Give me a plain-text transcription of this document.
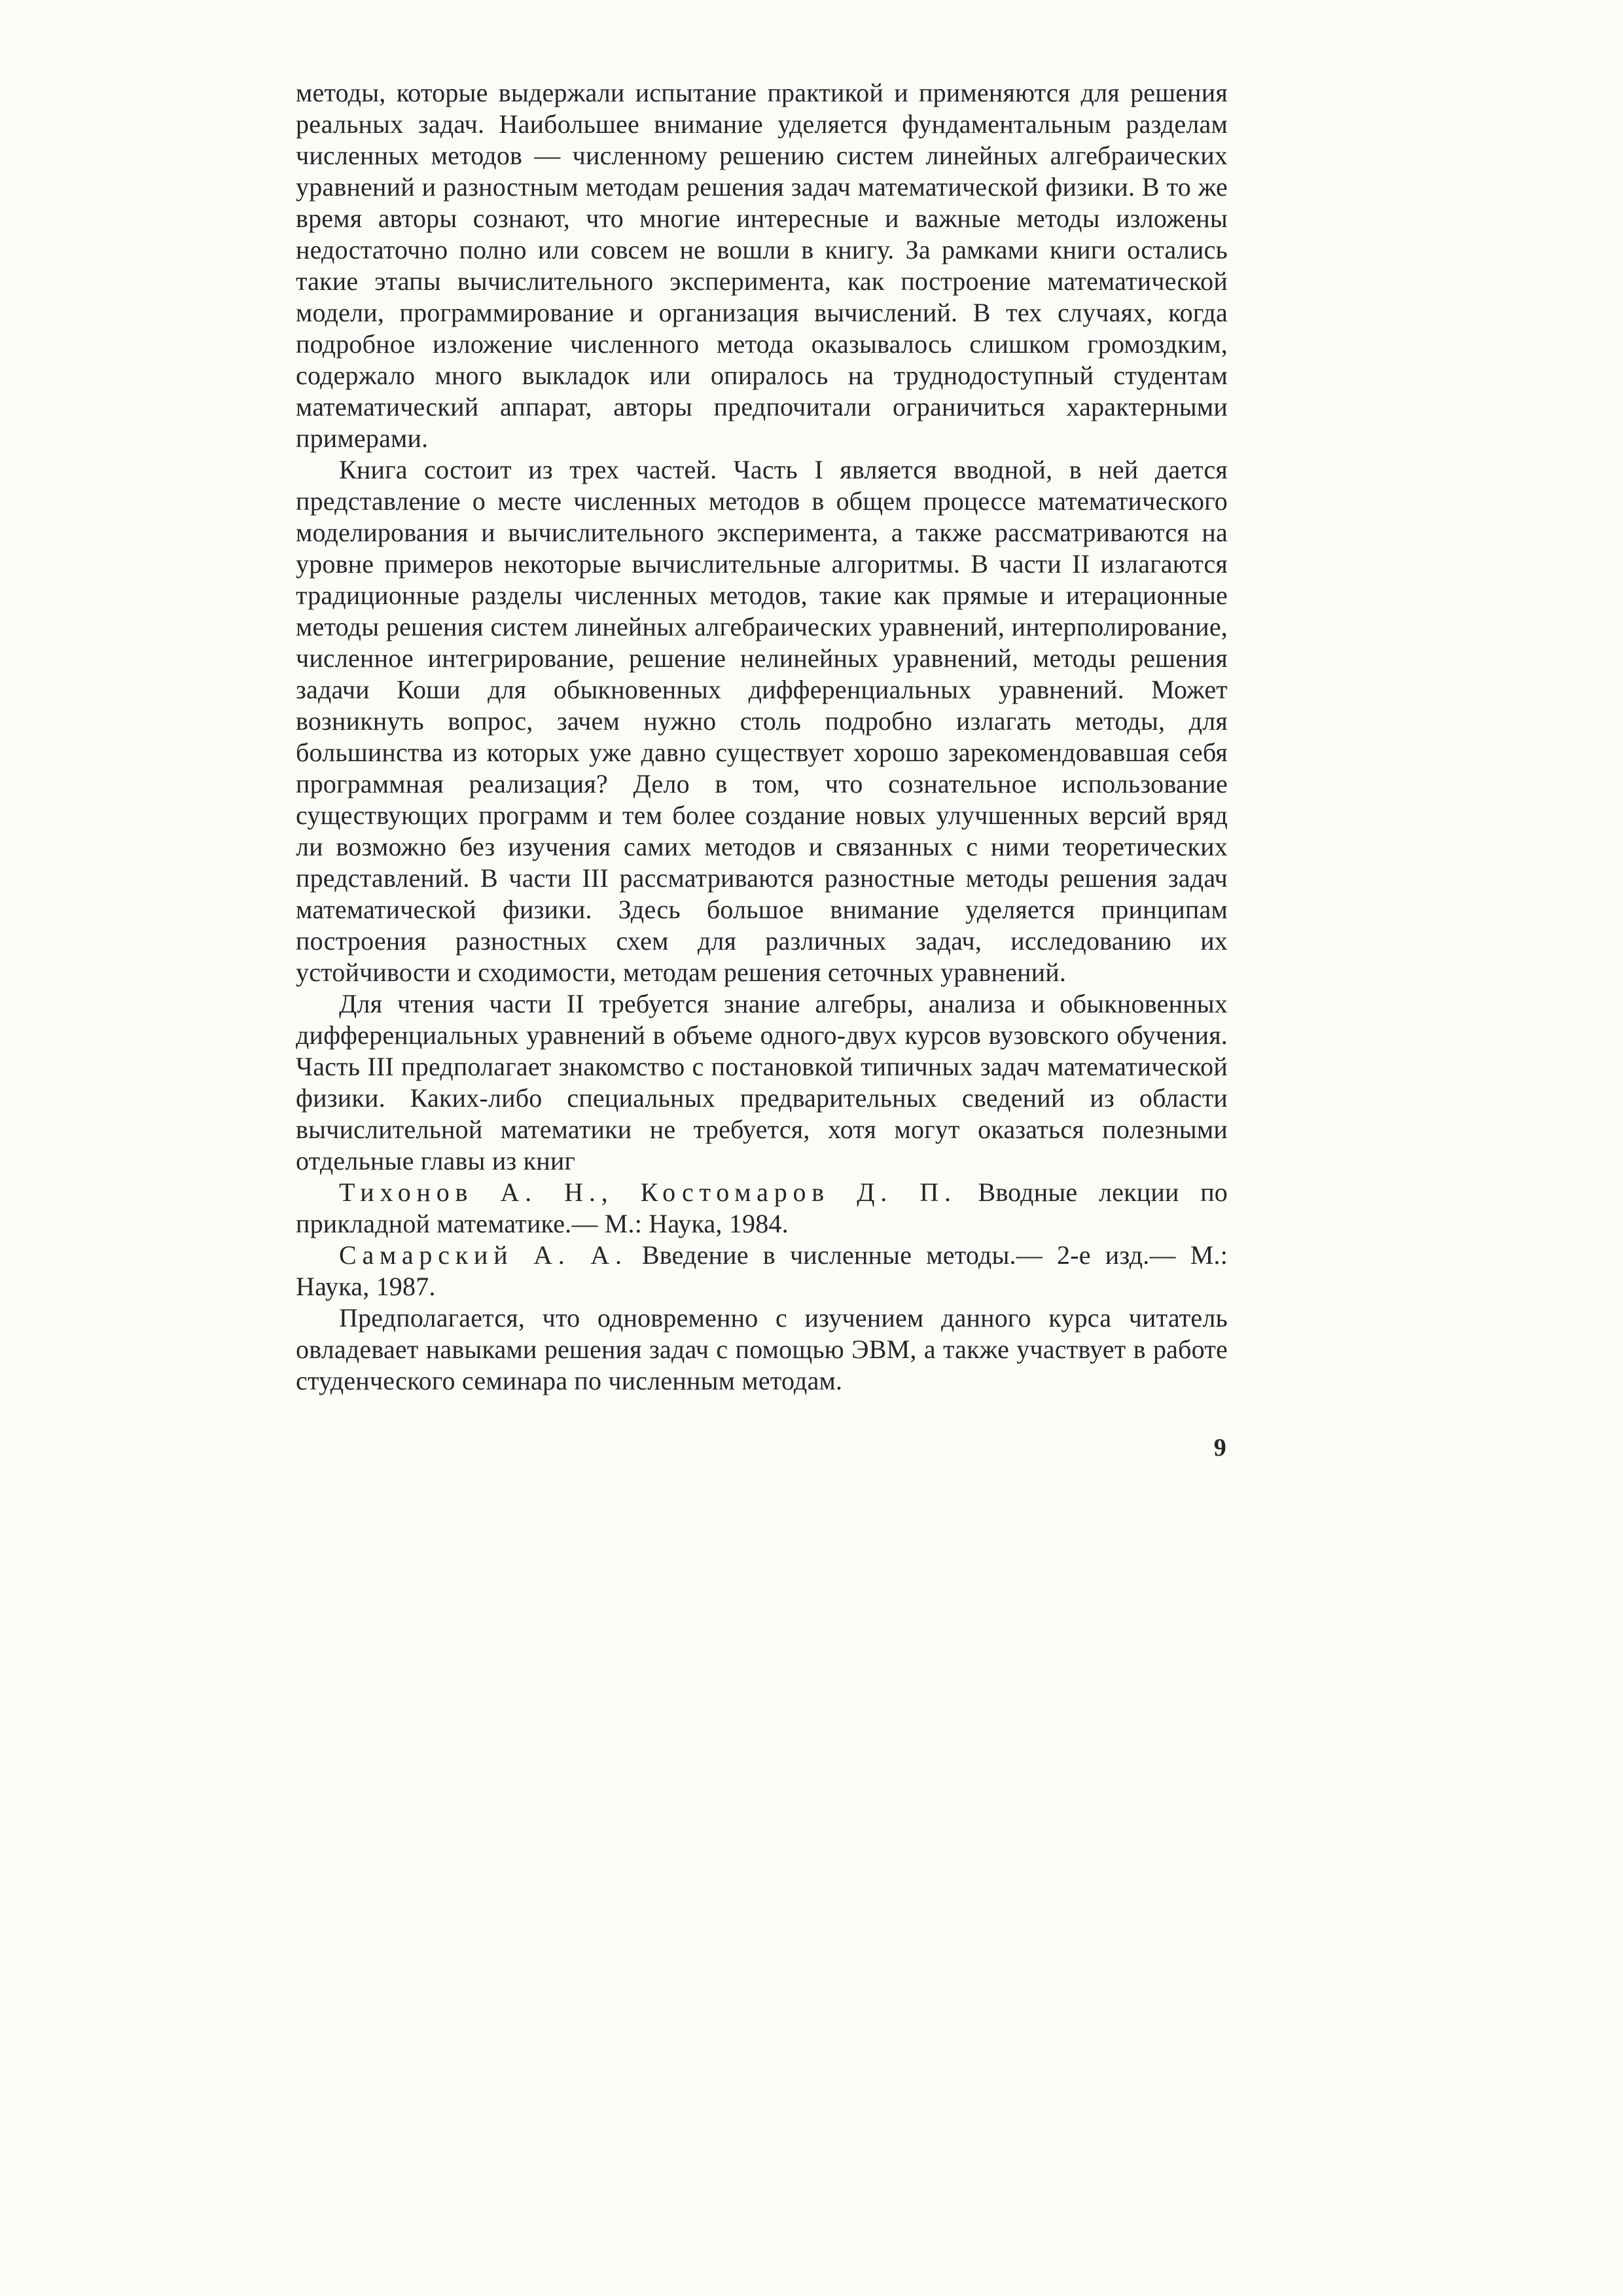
методы, которые выдержали испытание практикой и применяются для решения реальных задач. Наибольшее внимание уделяется фундаментальным разделам численных методов — численному решению систем линейных алгебраических уравнений и разностным методам решения задач математической физики. В то же время авторы сознают, что многие интересные и важные методы изложены недостаточно полно или совсем не вошли в книгу. За рамками книги остались такие этапы вычислительного эксперимента, как построение математической модели, программирование и организация вычислений. В тех случаях, когда подробное изложение численного метода оказывалось слишком громоздким, содержало много выкладок или опиралось на труднодоступный студентам математический аппарат, авторы предпочитали ограничиться характерными примерами.

Книга состоит из трех частей. Часть I является вводной, в ней дается представление о месте численных методов в общем процессе математического моделирования и вычислительного эксперимента, а также рассматриваются на уровне примеров некоторые вычислительные алгоритмы. В части II излагаются традиционные разделы численных методов, такие как прямые и итерационные методы решения систем линейных алгебраических уравнений, интерполирование, численное интегрирование, решение нелинейных уравнений, методы решения задачи Коши для обыкновенных дифференциальных уравнений. Может возникнуть вопрос, зачем нужно столь подробно излагать методы, для большинства из которых уже давно существует хорошо зарекомендовавшая себя программная реализация? Дело в том, что сознательное использование существующих программ и тем более создание новых улучшенных версий вряд ли возможно без изучения самих методов и связанных с ними теоретических представлений. В части III рассматриваются разностные методы решения задач математической физики. Здесь большое внимание уделяется принципам построения разностных схем для различных задач, исследованию их устойчивости и сходимости, методам решения сеточных уравнений.

Для чтения части II требуется знание алгебры, анализа и обыкновенных дифференциальных уравнений в объеме одного-двух курсов вузовского обучения. Часть III предполагает знакомство с постановкой типичных задач математической физики. Каких-либо специальных предварительных сведений из области вычислительной математики не требуется, хотя могут оказаться полезными отдельные главы из книг

Тихонов А. Н., Костомаров Д. П. Вводные лекции по прикладной математике.— М.: Наука, 1984.

Самарский А. А. Введение в численные методы.— 2-е изд.— М.: Наука, 1987.

Предполагается, что одновременно с изучением данного курса читатель овладевает навыками решения задач с помощью ЭВМ, а также участвует в работе студенческого семинара по численным методам.

9
